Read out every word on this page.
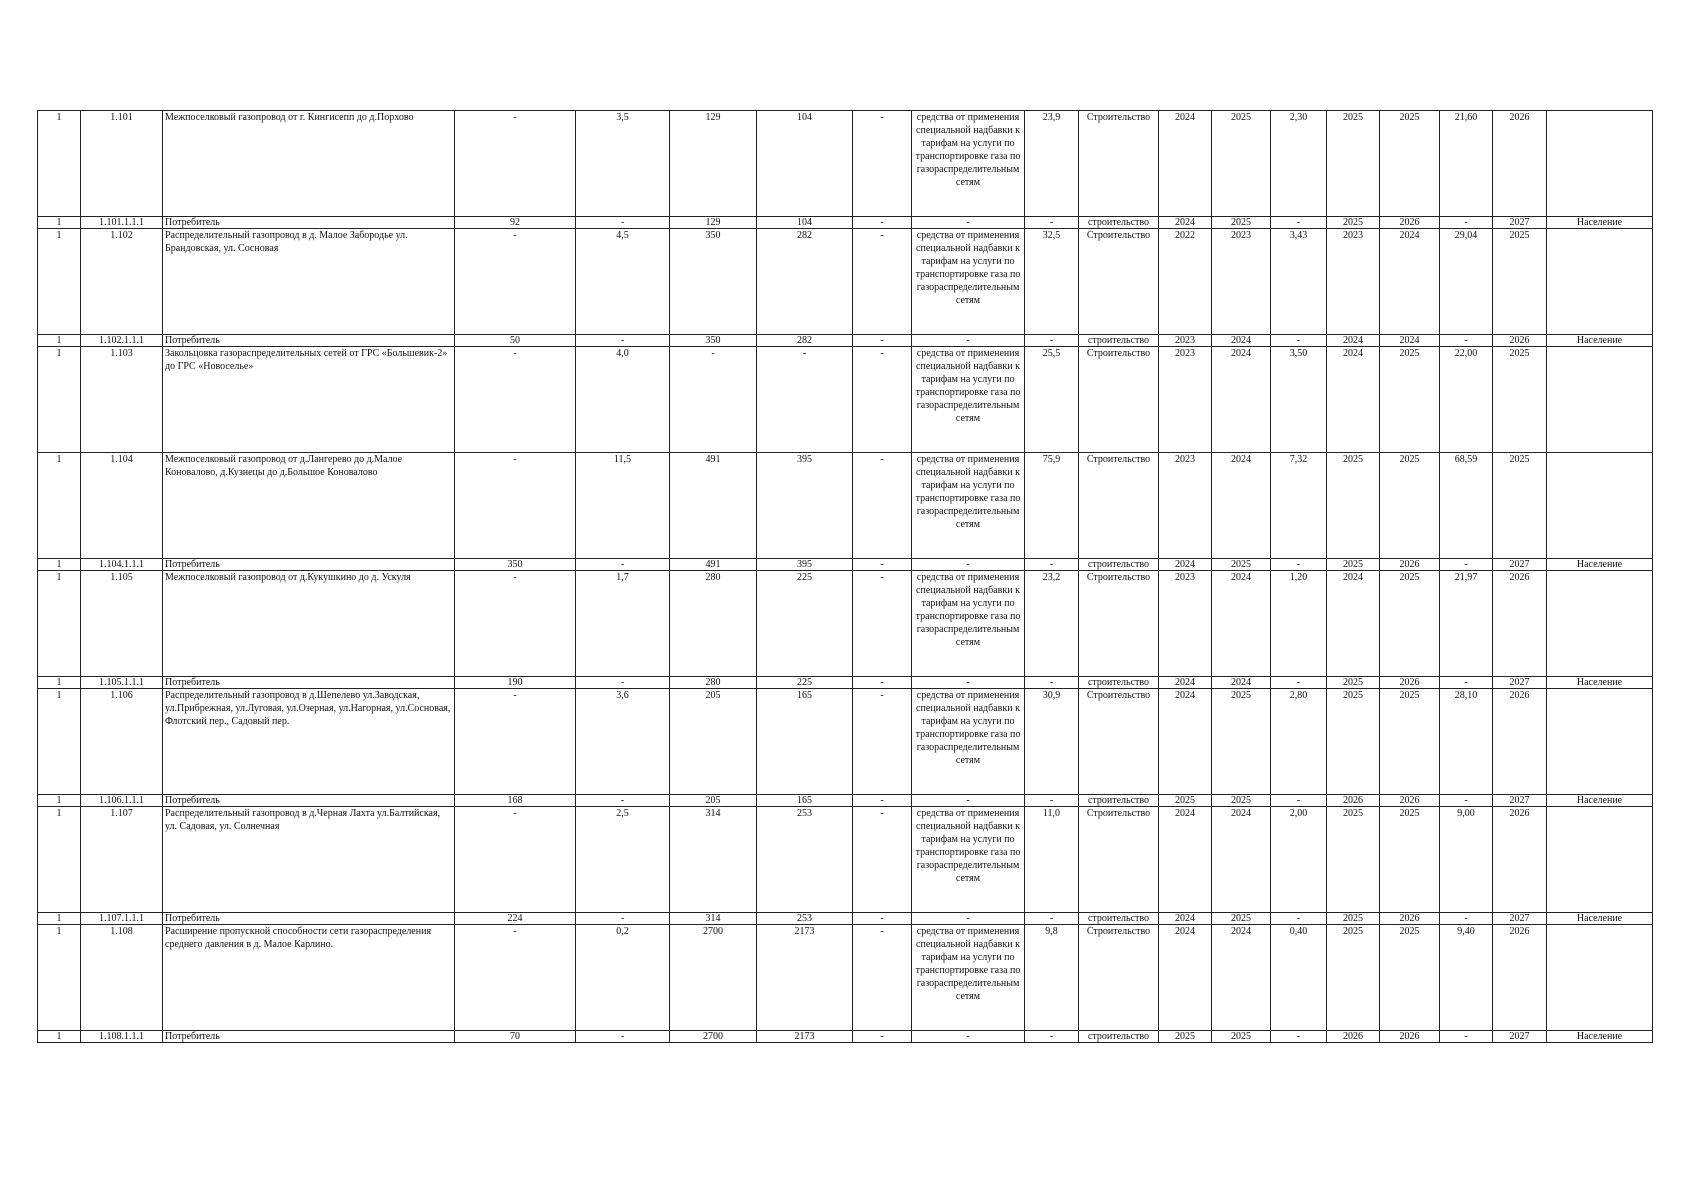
1	1.101	Межпоселковый газопровод от г. Кингисепп до д.Порхово	-	3,5	129	104	-	средства от применения специальной надбавки к тарифам на услуги по транспортировке газа по газораспределительным сетям	23,9	Строительство	2024	2025	2,30	2025	2025	21,60	2026	
1	1.101.1.1.1	Потребитель	92	-	129	104	-	-	-	строительство	2024	2025	-	2025	2026	-	2027	Население
1	1.102	Распределительный газопровод в д. Малое Забородье ул. Брандовская, ул. Сосновая	-	4,5	350	282	-	средства от применения специальной надбавки к тарифам на услуги по транспортировке газа по газораспределительным сетям	32,5	Строительство	2022	2023	3,43	2023	2024	29,04	2025	
1	1.102.1.1.1	Потребитель	50	-	350	282	-	-	-	строительство	2023	2024	-	2024	2024	-	2026	Население
1	1.103	Закольцовка газораспределительных сетей от ГРС «Большевик-2» до ГРС «Новоселье»	-	4,0	-	-	-	средства от применения специальной надбавки к тарифам на услуги по транспортировке газа по газораспределительным сетям	25,5	Строительство	2023	2024	3,50	2024	2025	22,00	2025	
1	1.104	Межпоселковый газопровод от д.Лангерево до д.Малое Коновалово, д.Кузнецы до д.Большое Коновалово	-	11,5	491	395	-	средства от применения специальной надбавки к тарифам на услуги по транспортировке газа по газораспределительным сетям	75,9	Строительство	2023	2024	7,32	2025	2025	68,59	2025	
1	1.104.1.1.1	Потребитель	350	-	491	395	-	-	-	строительство	2024	2025	-	2025	2026	-	2027	Население
1	1.105	Межпоселковый газопровод от д.Кукушкино до д. Ускуля	-	1,7	280	225	-	средства от применения специальной надбавки к тарифам на услуги по транспортировке газа по газораспределительным сетям	23,2	Строительство	2023	2024	1,20	2024	2025	21,97	2026	
1	1.105.1.1.1	Потребитель	190	-	280	225	-	-	-	строительство	2024	2024	-	2025	2026	-	2027	Население
1	1.106	Распределительный газопровод в д.Шепелево ул.Заводская, ул.Прибрежная, ул.Луговая, ул.Озерная, ул.Нагорная, ул.Сосновая, Флотский пер., Садовый пер.	-	3,6	205	165	-	средства от применения специальной надбавки к тарифам на услуги по транспортировке газа по газораспределительным сетям	30,9	Строительство	2024	2025	2,80	2025	2025	28,10	2026	
1	1.106.1.1.1	Потребитель	168	-	205	165	-	-	-	строительство	2025	2025	-	2026	2026	-	2027	Население
1	1.107	Распределительный газопровод в д.Черная Лахта ул.Балтийская, ул. Садовая, ул. Солнечная	-	2,5	314	253	-	средства от применения специальной надбавки к тарифам на услуги по транспортировке газа по газораспределительным сетям	11,0	Строительство	2024	2024	2,00	2025	2025	9,00	2026	
1	1.107.1.1.1	Потребитель	224	-	314	253	-	-	-	строительство	2024	2025	-	2025	2026	-	2027	Население
1	1.108	Расширение пропускной способности сети газораспределения среднего давления в д. Малое Карлино.	-	0,2	2700	2173	-	средства от применения специальной надбавки к тарифам на услуги по транспортировке газа по газораспределительным сетям	9,8	Строительство	2024	2024	0,40	2025	2025	9,40	2026	
1	1.108.1.1.1	Потребитель	70	-	2700	2173	-	-	-	строительство	2025	2025	-	2026	2026	-	2027	Население
